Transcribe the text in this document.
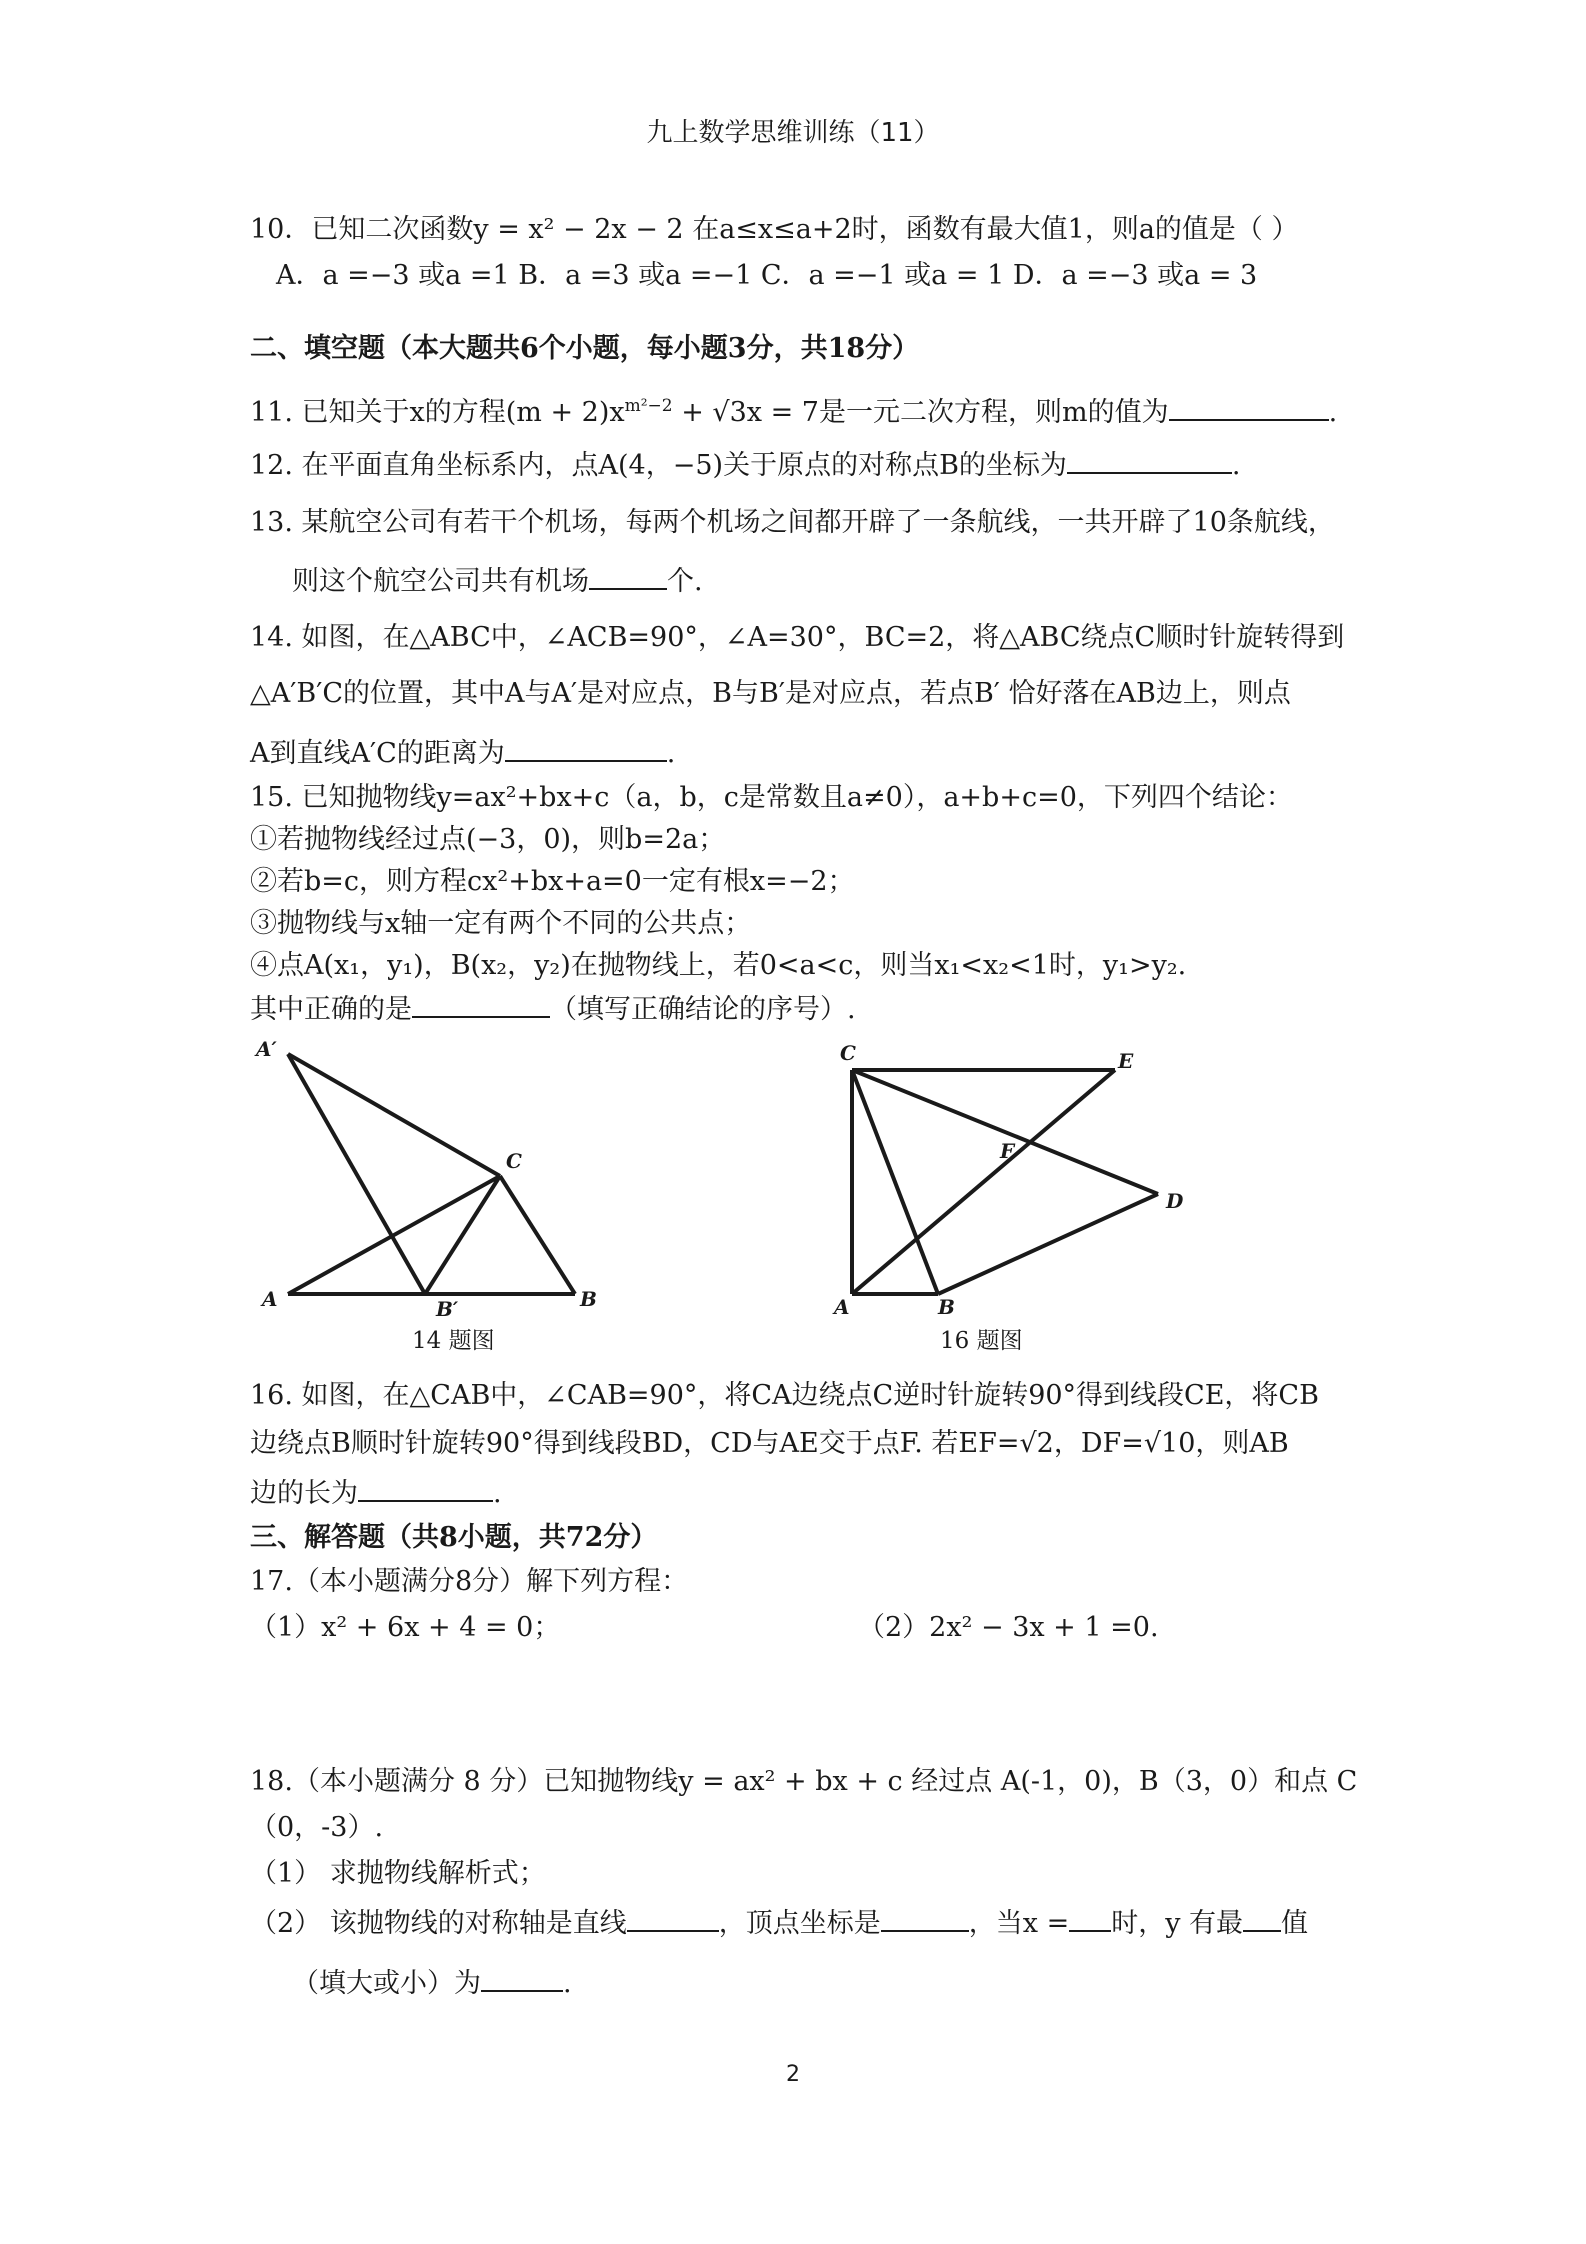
九上数学思维训练（11）
10．已知二次函数y = x² − 2x − 2 在a≤x≤a+2时，函数有最大值1，则a的值是（ ）
A．a =−3 或a =1 B．a =3 或a =−1 C．a =−1 或a = 1 D．a =−3 或a = 3
二、填空题（本大题共6个小题，每小题3分，共18分）
11. 已知关于x的方程$(m + 2)x^{m^2-2} + √3x = 7$是一元二次方程，则m的值为	.
12. 在平面直角坐标系内，点A(4，−5)关于原点的对称点B的坐标为	.
13. 某航空公司有若干个机场，每两个机场之间都开辟了一条航线，一共开辟了10条航线，
则这个航空公司共有机场	个.
14. 如图，在△ABC中，∠ACB=90°，∠A=30°，BC=2，将△ABC绕点C顺时针旋转得到
△A′B′C的位置，其中A与A′是对应点，B与B′是对应点，若点B′ 恰好落在AB边上，则点
A到直线A′C的距离为	.
15. 已知抛物线y=ax²+bx+c（a，b，c是常数且a≠0），a+b+c=0，下列四个结论：
①若抛物线经过点(−3，0)，则b=2a；
②若b=c，则方程cx²+bx+a=0一定有根x=−2；
③抛物线与x轴一定有两个不同的公共点；
④点A(x₁，y₁)，B(x₂，y₂)在抛物线上，若0<a<c，则当x₁<x₂<1时，y₁>y₂.
其中正确的是	（填写正确结论的序号）.
A′
C
A	B′	B
14 题图
C	E
F
D
A	B
16 题图
16. 如图，在△CAB中，∠CAB=90°，将CA边绕点C逆时针旋转90°得到线段CE，将CB
边绕点B顺时针旋转90°得到线段BD，CD与AE交于点F. 若EF=√2，DF=√10，则AB
边的长为	.
三、解答题（共8小题，共72分）
17.（本小题满分8分）解下列方程：
（1）x² + 6x + 4 = 0；	（2）2x² − 3x + 1 =0.
18.（本小题满分 8 分）已知抛物线y = ax² + bx + c 经过点 A(-1，0)，B（3，0）和点 C
（0，-3）.
（1） 求抛物线解析式；
（2） 该抛物线的对称轴是直线	，顶点坐标是	，当x = 时，y 有最 值
（填大或小）为	.
2
